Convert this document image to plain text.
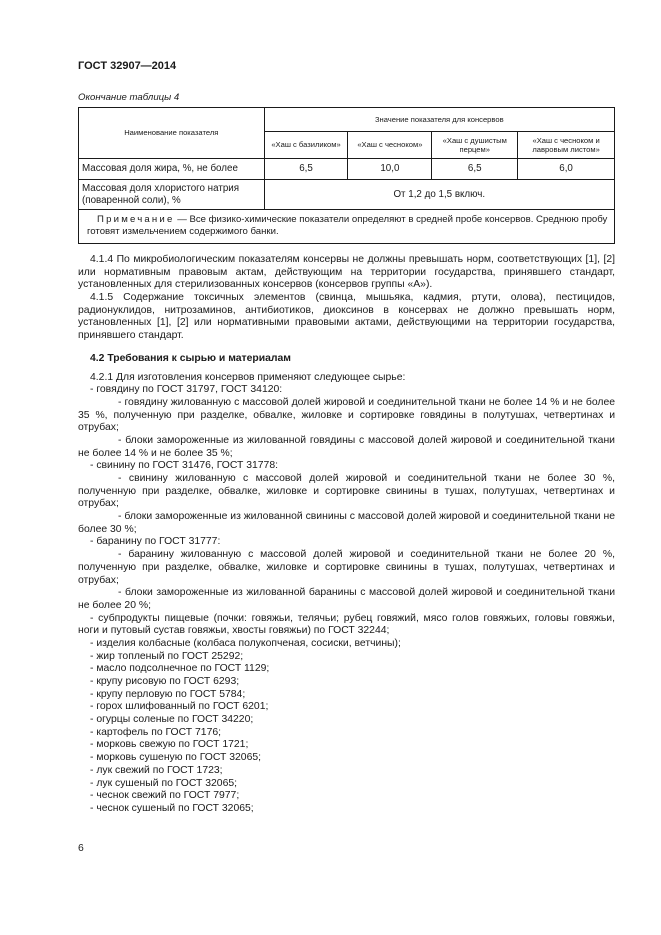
ГОСТ 32907—2014
Окончание таблицы 4
Наименование показателя	Значение показателя для консервов			
	«Хаш с базиликом»	«Хаш с чесноком»	«Хаш с душистым перцем»	«Хаш с чесноком и лавровым листом»
Массовая доля жира, %, не более	6,5	10,0	6,5	6,0
Массовая доля хлористого натрия (поваренной соли), %	От 1,2 до 1,5 включ.			
Примечание — Все физико-химические показатели определяют в средней пробе консервов. Среднюю пробу готовят измельчением содержимого банки.				

4.1.4 По микробиологическим показателям консервы не должны превышать норм, соответствующих [1], [2] или нормативным правовым актам, действующим на территории государства, принявшего стандарт, установленных для стерилизованных консервов (консервов группы «А»).

4.1.5 Содержание токсичных элементов (свинца, мышьяка, кадмия, ртути, олова), пестицидов, радионуклидов, нитрозаминов, антибиотиков, диоксинов в консервах не должно превышать норм, установленных [1], [2] или нормативными правовыми актами, действующими на территории государства, принявшего стандарт.

4.2 Требования к сырью и материалам

4.2.1 Для изготовления консервов применяют следующее сырье:

- говядину по ГОСТ 31797, ГОСТ 34120:

- говядину жилованную с массовой долей жировой и соединительной ткани не более 14 % и не более 35 %, полученную при разделке, обвалке, жиловке и сортировке говядины в полутушах, четвертинах и отрубах;

- блоки замороженные из жилованной говядины с массовой долей жировой и соединительной ткани не более 14 % и не более 35 %;

- свинину по ГОСТ 31476, ГОСТ 31778:

- свинину жилованную с массовой долей жировой и соединительной ткани не более 30 %, полученную при разделке, обвалке, жиловке и сортировке свинины в тушах, полутушах, четвертинах и отрубах;

- блоки замороженные из жилованной свинины с массовой долей жировой и соединительной ткани не более 30 %;

- баранину по ГОСТ 31777:

- баранину жилованную с массовой долей жировой и соединительной ткани не более 20 %, полученную при разделке, обвалке, жиловке и сортировке свинины в тушах, полутушах, четвертинах и отрубах;

- блоки замороженные из жилованной баранины с массовой долей жировой и соединительной ткани не более 20 %;

- субпродукты пищевые (почки: говяжьи, телячьи; рубец говяжий, мясо голов говяжьих, головы говяжьи, ноги и путовый сустав говяжьи, хвосты говяжьи) по ГОСТ 32244;

- изделия колбасные (колбаса полукопченая, сосиски, ветчины);

- жир топленый по ГОСТ 25292;

- масло подсолнечное по ГОСТ 1129;

- крупу рисовую по ГОСТ 6293;

- крупу перловую по ГОСТ 5784;

- горох шлифованный по ГОСТ 6201;

- огурцы соленые по ГОСТ 34220;

- картофель по ГОСТ 7176;

- морковь свежую по ГОСТ 1721;

- морковь сушеную по ГОСТ 32065;

- лук свежий по ГОСТ 1723;

- лук сушеный по ГОСТ 32065;

- чеснок свежий по ГОСТ 7977;

- чеснок сушеный по ГОСТ 32065;

6
